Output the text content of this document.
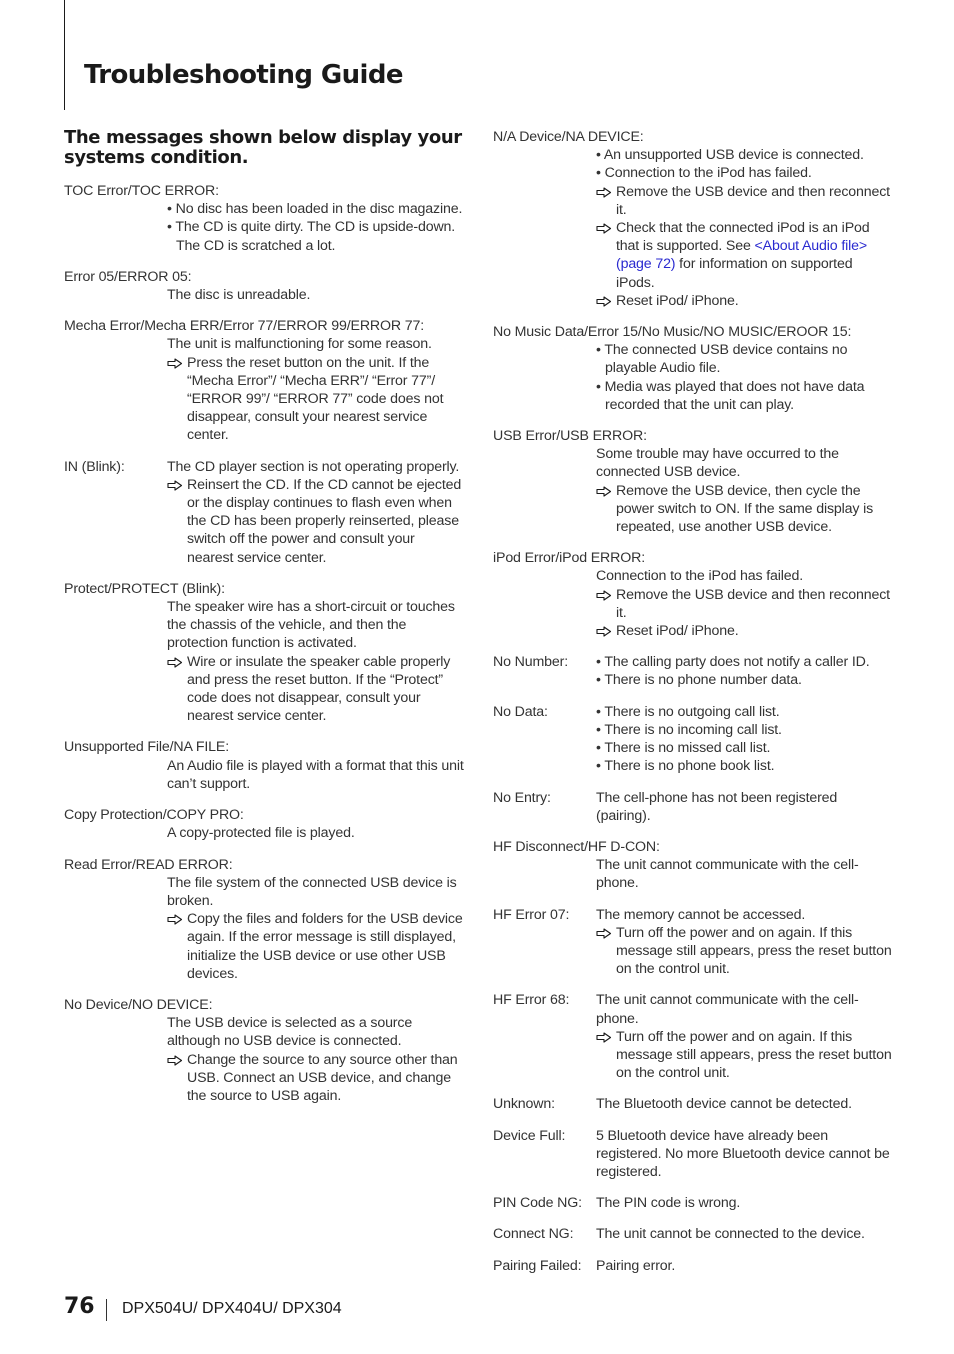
Troubleshooting Guide
The messages shown below display your systems condition.
TOC Error/TOC ERROR:
• No disc has been loaded in the disc magazine.
• The CD is quite dirty. The CD is upside-down. The CD is scratched a lot.
Error 05/ERROR 05:
The disc is unreadable.
Mecha Error/Mecha ERR/Error 77/ERROR 99/ERROR 77:
The unit is malfunctioning for some reason.
Press the reset button on the unit. If the “Mecha Error”/ “Mecha ERR”/ “Error 77”/ “ERROR 99”/ “ERROR 77” code does not disappear, consult your nearest service center.
IN (Blink):	The CD player section is not operating properly.
Reinsert the CD. If the CD cannot be ejected or the display continues to flash even when the CD has been properly reinserted, please switch off the power and consult your nearest service center.
Protect/PROTECT (Blink):
The speaker wire has a short-circuit or touches the chassis of the vehicle, and then the protection function is activated.
Wire or insulate the speaker cable properly and press the reset button. If the “Protect” code does not disappear, consult your nearest service center.
Unsupported File/NA FILE:
An Audio file is played with a format that this unit can’t support.
Copy Protection/COPY PRO:
A copy-protected file is played.
Read Error/READ ERROR:
The file system of the connected USB device is broken.
Copy the files and folders for the USB device again. If the error message is still displayed, initialize the USB device or use other USB devices.
No Device/NO DEVICE:
The USB device is selected as a source although no USB device is connected.
Change the source to any source other than USB. Connect an USB device, and change the source to USB again.
N/A Device/NA DEVICE:
• An unsupported USB device is connected.
• Connection to the iPod has failed.
Remove the USB device and then reconnect it.
Check that the connected iPod is an iPod that is supported. See <About Audio file> (page 72) for information on supported iPods.
Reset iPod/ iPhone.
No Music Data/Error 15/No Music/NO MUSIC/EROOR 15:
• The connected USB device contains no playable Audio file.
• Media was played that does not have data recorded that the unit can play.
USB Error/USB ERROR:
Some trouble may have occurred to the connected USB device.
Remove the USB device, then cycle the power switch to ON. If the same display is repeated, use another USB device.
iPod Error/iPod ERROR:
Connection to the iPod has failed.
Remove the USB device and then reconnect it.
Reset iPod/ iPhone.
No Number:	• The calling party does not notify a caller ID.
• There is no phone number data.
No Data:	• There is no outgoing call list.
• There is no incoming call list.
• There is no missed call list.
• There is no phone book list.
No Entry:	The cell-phone has not been registered (pairing).
HF Disconnect/HF D-CON:
The unit cannot communicate with the cell-phone.
HF Error 07:	The memory cannot be accessed.
Turn off the power and on again. If this message still appears, press the reset button on the control unit.
HF Error 68:	The unit cannot communicate with the cell-phone.
Turn off the power and on again. If this message still appears, press the reset button on the control unit.
Unknown:	The Bluetooth device cannot be detected.
Device Full:	5 Bluetooth device have already been registered. No more Bluetooth device cannot be registered.
PIN Code NG: The PIN code is wrong.
Connect NG:	The unit cannot be connected to the device.
Pairing Failed:	Pairing error.
76 DPX504U/ DPX404U/ DPX304
